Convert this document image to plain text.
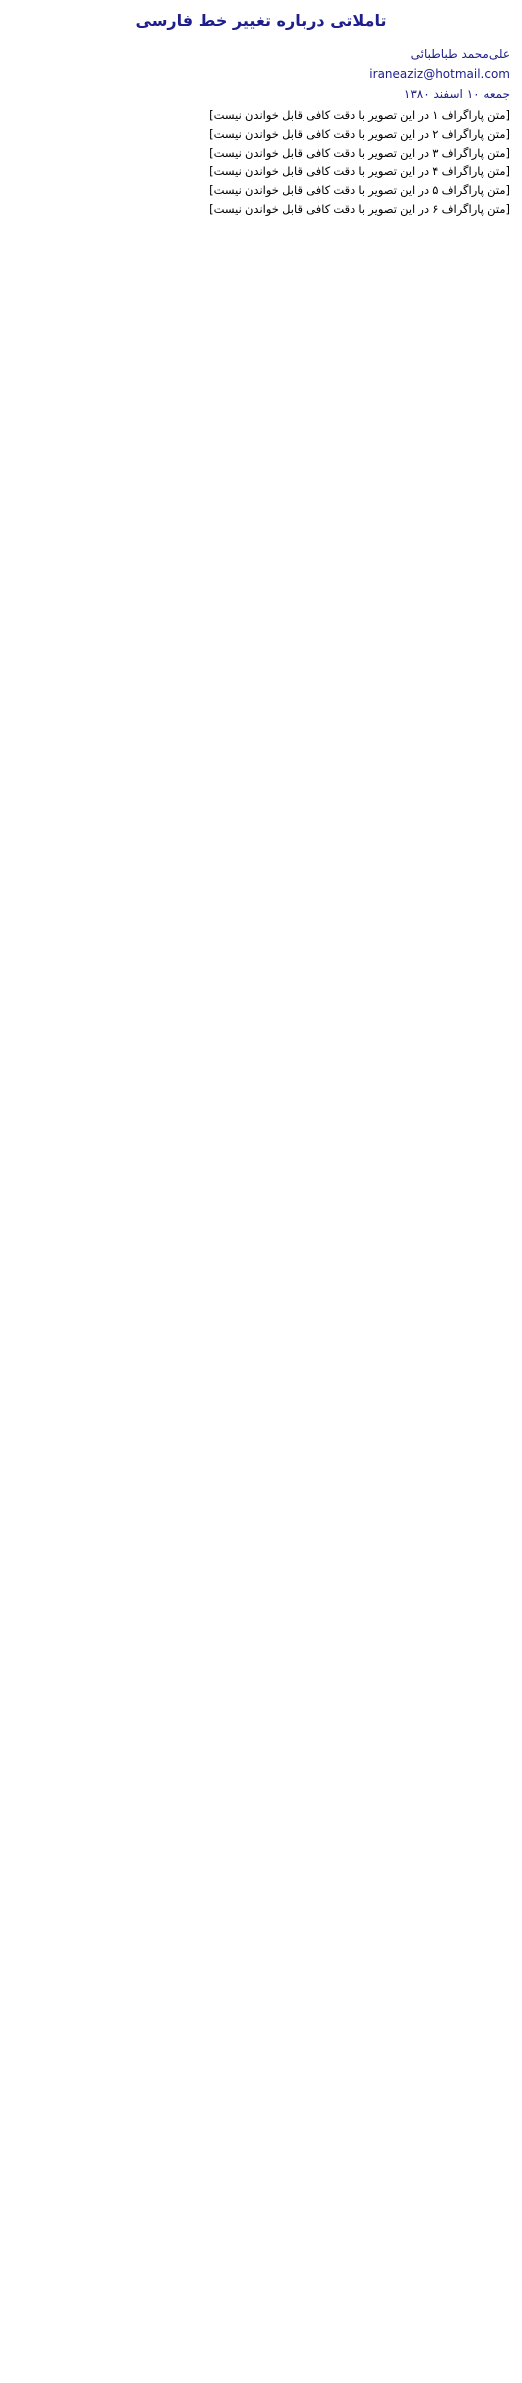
تاملاتی درباره تغییر خط فارسی
علی‌محمد طباطبائی
iraneaziz@hotmail.com
جمعه ۱۰ اسفند ۱۳۸۰

[متن پاراگراف ۱ در این تصویر با دقت کافی قابل خواندن نیست]

[متن پاراگراف ۲ در این تصویر با دقت کافی قابل خواندن نیست]

[متن پاراگراف ۳ در این تصویر با دقت کافی قابل خواندن نیست]

[متن پاراگراف ۴ در این تصویر با دقت کافی قابل خواندن نیست]

[متن پاراگراف ۵ در این تصویر با دقت کافی قابل خواندن نیست]

[متن پاراگراف ۶ در این تصویر با دقت کافی قابل خواندن نیست]
